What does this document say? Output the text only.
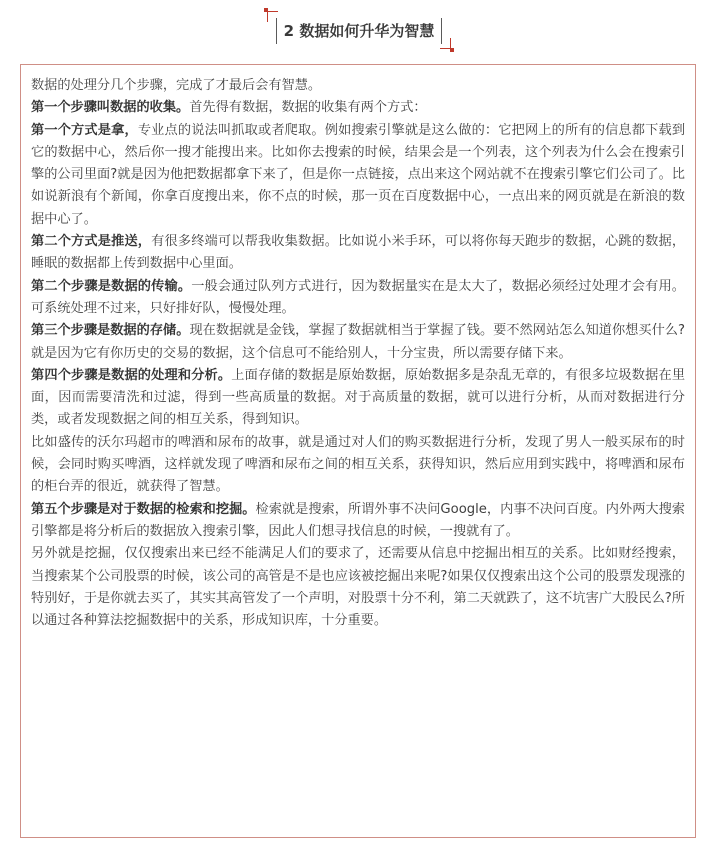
2 数据如何升华为智慧

数据的处理分几个步骤，完成了才最后会有智慧。

第一个步骤叫数据的收集。首先得有数据，数据的收集有两个方式：

第一个方式是拿，专业点的说法叫抓取或者爬取。例如搜索引擎就是这么做的：它把网上的所有的信息都下载到它的数据中心，然后你一搜才能搜出来。比如你去搜索的时候，结果会是一个列表，这个列表为什么会在搜索引擎的公司里面?就是因为他把数据都拿下来了，但是你一点链接，点出来这个网站就不在搜索引擎它们公司了。比如说新浪有个新闻，你拿百度搜出来，你不点的时候，那一页在百度数据中心，一点出来的网页就是在新浪的数据中心了。

第二个方式是推送，有很多终端可以帮我收集数据。比如说小米手环，可以将你每天跑步的数据，心跳的数据，睡眠的数据都上传到数据中心里面。

第二个步骤是数据的传输。一般会通过队列方式进行，因为数据量实在是太大了，数据必须经过处理才会有用。可系统处理不过来，只好排好队，慢慢处理。

第三个步骤是数据的存储。现在数据就是金钱，掌握了数据就相当于掌握了钱。要不然网站怎么知道你想买什么?就是因为它有你历史的交易的数据，这个信息可不能给别人，十分宝贵，所以需要存储下来。

第四个步骤是数据的处理和分析。上面存储的数据是原始数据，原始数据多是杂乱无章的，有很多垃圾数据在里面，因而需要清洗和过滤，得到一些高质量的数据。对于高质量的数据，就可以进行分析，从而对数据进行分类，或者发现数据之间的相互关系，得到知识。

比如盛传的沃尔玛超市的啤酒和尿布的故事，就是通过对人们的购买数据进行分析，发现了男人一般买尿布的时候，会同时购买啤酒，这样就发现了啤酒和尿布之间的相互关系，获得知识，然后应用到实践中，将啤酒和尿布的柜台弄的很近，就获得了智慧。

第五个步骤是对于数据的检索和挖掘。检索就是搜索，所谓外事不决问Google，内事不决问百度。内外两大搜索引擎都是将分析后的数据放入搜索引擎，因此人们想寻找信息的时候，一搜就有了。

另外就是挖掘，仅仅搜索出来已经不能满足人们的要求了，还需要从信息中挖掘出相互的关系。比如财经搜索，当搜索某个公司股票的时候，该公司的高管是不是也应该被挖掘出来呢?如果仅仅搜索出这个公司的股票发现涨的特别好，于是你就去买了，其实其高管发了一个声明，对股票十分不利，第二天就跌了，这不坑害广大股民么?所以通过各种算法挖掘数据中的关系，形成知识库，十分重要。
